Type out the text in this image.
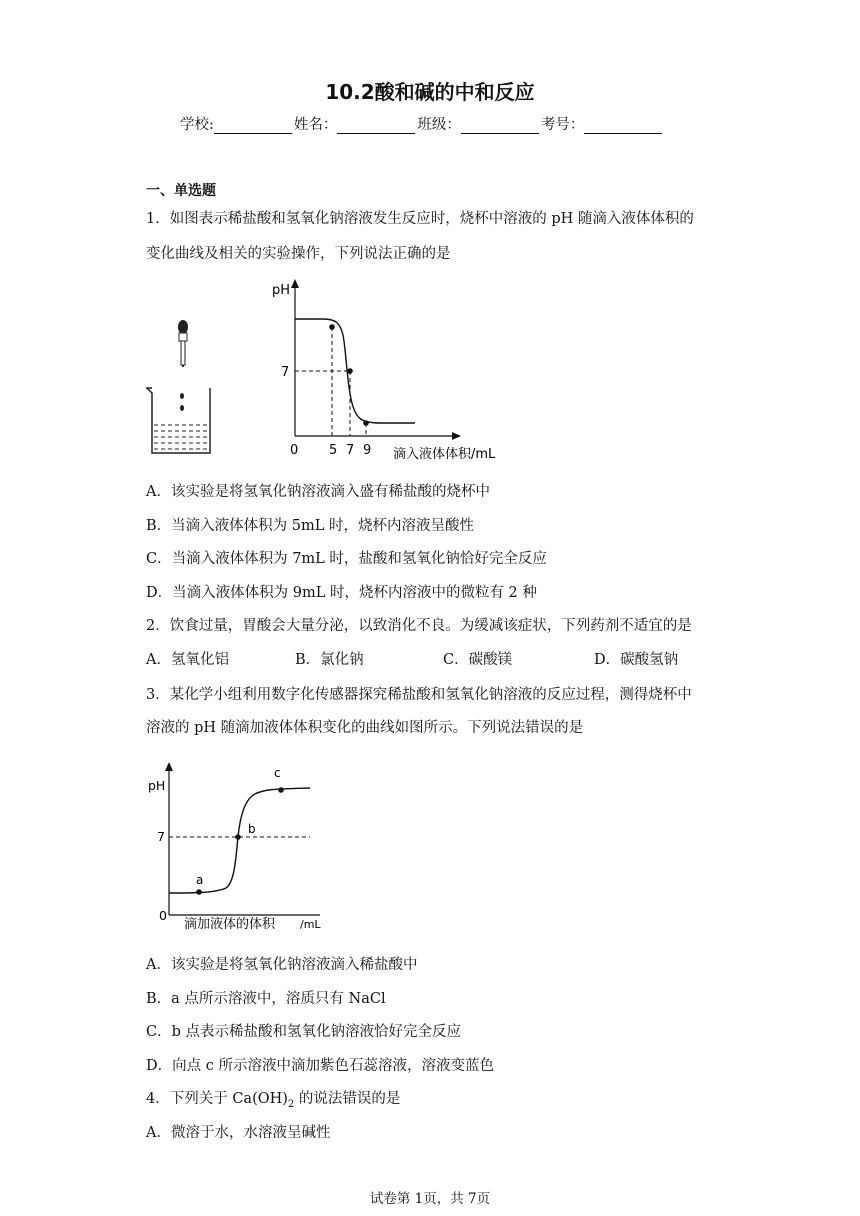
10.2酸和碱的中和反应
学校:	姓名：	班级：	考号：
一、单选题
1．如图表示稀盐酸和氢氧化钠溶液发生反应时，烧杯中溶液的 pH 随滴入液体体积的
变化曲线及相关的实验操作，下列说法正确的是
pH
7
0 5 7 9 滴入液体体积/mL
A．该实验是将氢氧化钠溶液滴入盛有稀盐酸的烧杯中
B．当滴入液体体积为 5mL 时，烧杯内溶液呈酸性
C．当滴入液体体积为 7mL 时，盐酸和氢氧化钠恰好完全反应
D．当滴入液体体积为 9mL 时，烧杯内溶液中的微粒有 2 种
2．饮食过量，胃酸会大量分泌，以致消化不良。为缓减该症状，下列药剂不适宜的是
A．氢氧化铝	B．氯化钠	C．碳酸镁	D．碳酸氢钠
3．某化学小组利用数字化传感器探究稀盐酸和氢氧化钠溶液的反应过程，测得烧杯中
溶液的 pH 随滴加液体体积变化的曲线如图所示。下列说法错误的是
pH
7
0
滴加液体的体积 /mL
a
b
c
A．该实验是将氢氧化钠溶液滴入稀盐酸中
B．a 点所示溶液中，溶质只有 NaCl
C．b 点表示稀盐酸和氢氧化钠溶液恰好完全反应
D．向点 c 所示溶液中滴加紫色石蕊溶液，溶液变蓝色
4．下列关于 $Ca(OH)_2$ 的说法错误的是
A．微溶于水，水溶液呈碱性
试卷第 1页，共 7页
